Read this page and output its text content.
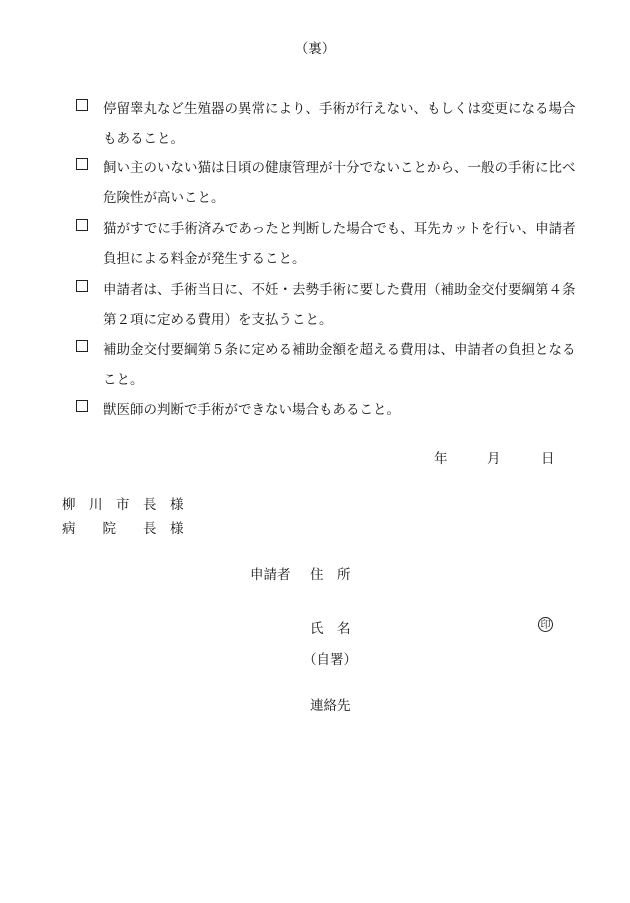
（裏）
停留睾丸など生殖器の異常により、手術が行えない、もしくは変更になる場合
もあること。
飼い主のいない猫は日頃の健康管理が十分でないことから、一般の手術に比べ
危険性が高いこと。
猫がすでに手術済みであったと判断した場合でも、耳先カットを行い、申請者
負担による料金が発生すること。
申請者は、手術当日に、不妊・去勢手術に要した費用（補助金交付要綱第４条
第２項に定める費用）を支払うこと。
補助金交付要綱第５条に定める補助金額を超える費用は、申請者の負担となる
こと。
獣医師の判断で手術ができない場合もあること。
年	月	日
柳　川　市　長　様
病　　院　　長　様
申請者 住　所
氏　名	印
（自署）
連絡先
